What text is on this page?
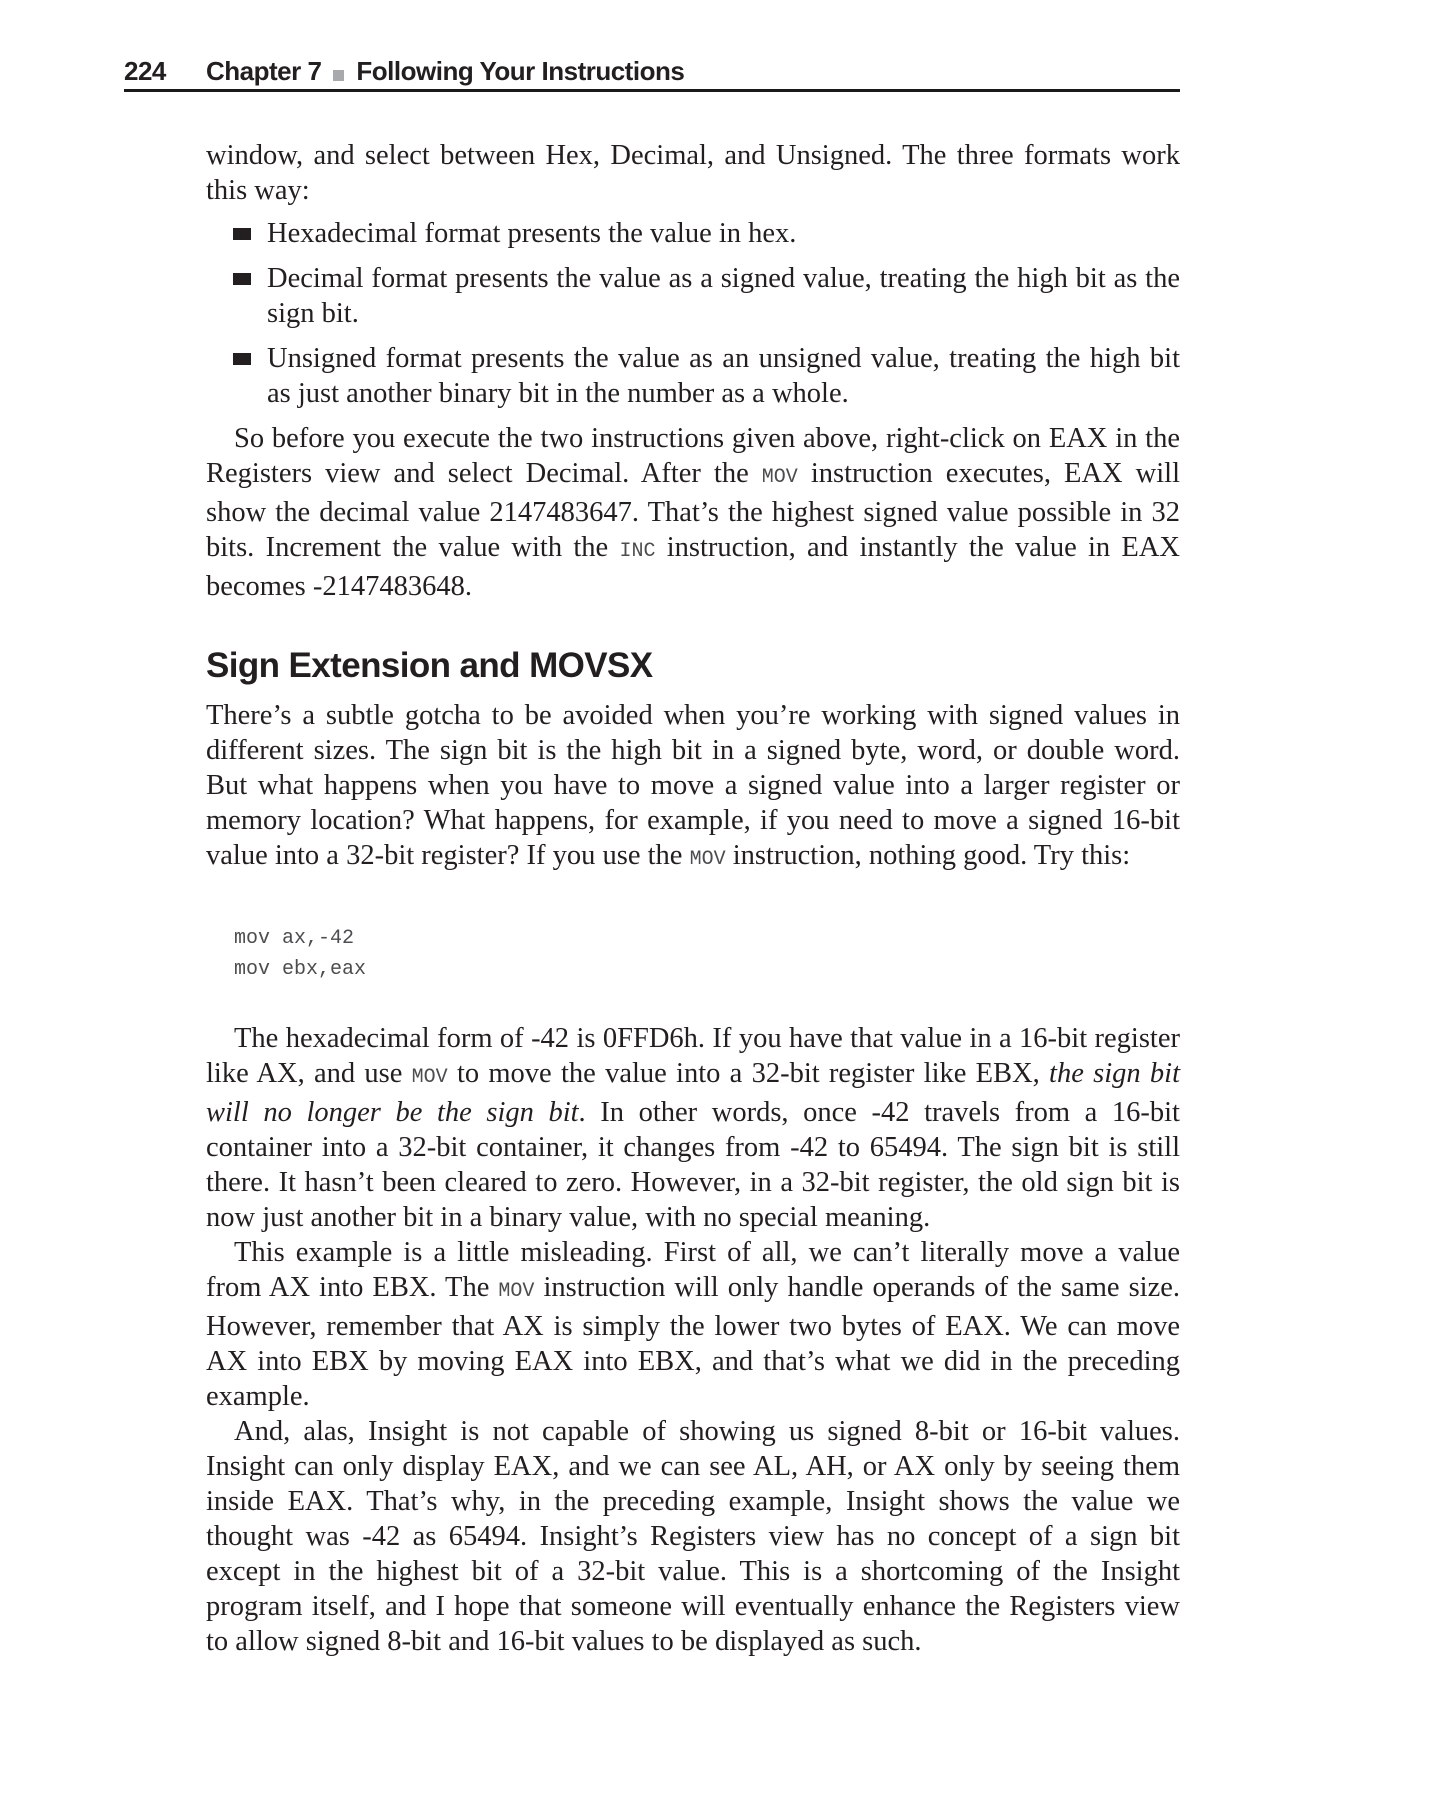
224	Chapter 7 Following Your Instructions

window, and select between Hex, Decimal, and Unsigned. The three formats work this way:

Hexadecimal format presents the value in hex.
Decimal format presents the value as a signed value, treating the high bit as the sign bit.
Unsigned format presents the value as an unsigned value, treating the high bit as just another binary bit in the number as a whole.

So before you execute the two instructions given above, right-click on EAX in the Registers view and select Decimal. After the MOV instruction executes, EAX will show the decimal value 2147483647. That’s the highest signed value possible in 32 bits. Increment the value with the INC instruction, and instantly the value in EAX becomes -2147483648.

Sign Extension and MOVSX

There’s a subtle gotcha to be avoided when you’re working with signed values in different sizes. The sign bit is the high bit in a signed byte, word, or double word. But what happens when you have to move a signed value into a larger register or memory location? What happens, for example, if you need to move a signed 16-bit value into a 32-bit register? If you use the MOV instruction, nothing good. Try this:

mov ax,-42
mov ebx,eax

The hexadecimal form of -42 is 0FFD6h. If you have that value in a 16-bit register like AX, and use MOV to move the value into a 32-bit register like EBX, the sign bit will no longer be the sign bit. In other words, once -42 travels from a 16-bit container into a 32-bit container, it changes from -42 to 65494. The sign bit is still there. It hasn’t been cleared to zero. However, in a 32-bit register, the old sign bit is now just another bit in a binary value, with no special meaning.

This example is a little misleading. First of all, we can’t literally move a value from AX into EBX. The MOV instruction will only handle operands of the same size. However, remember that AX is simply the lower two bytes of EAX. We can move AX into EBX by moving EAX into EBX, and that’s what we did in the preceding example.

And, alas, Insight is not capable of showing us signed 8-bit or 16-bit values. Insight can only display EAX, and we can see AL, AH, or AX only by seeing them inside EAX. That’s why, in the preceding example, Insight shows the value we thought was -42 as 65494. Insight’s Registers view has no concept of a sign bit except in the highest bit of a 32-bit value. This is a shortcoming of the Insight program itself, and I hope that someone will eventually enhance the Registers view to allow signed 8-bit and 16-bit values to be displayed as such.
